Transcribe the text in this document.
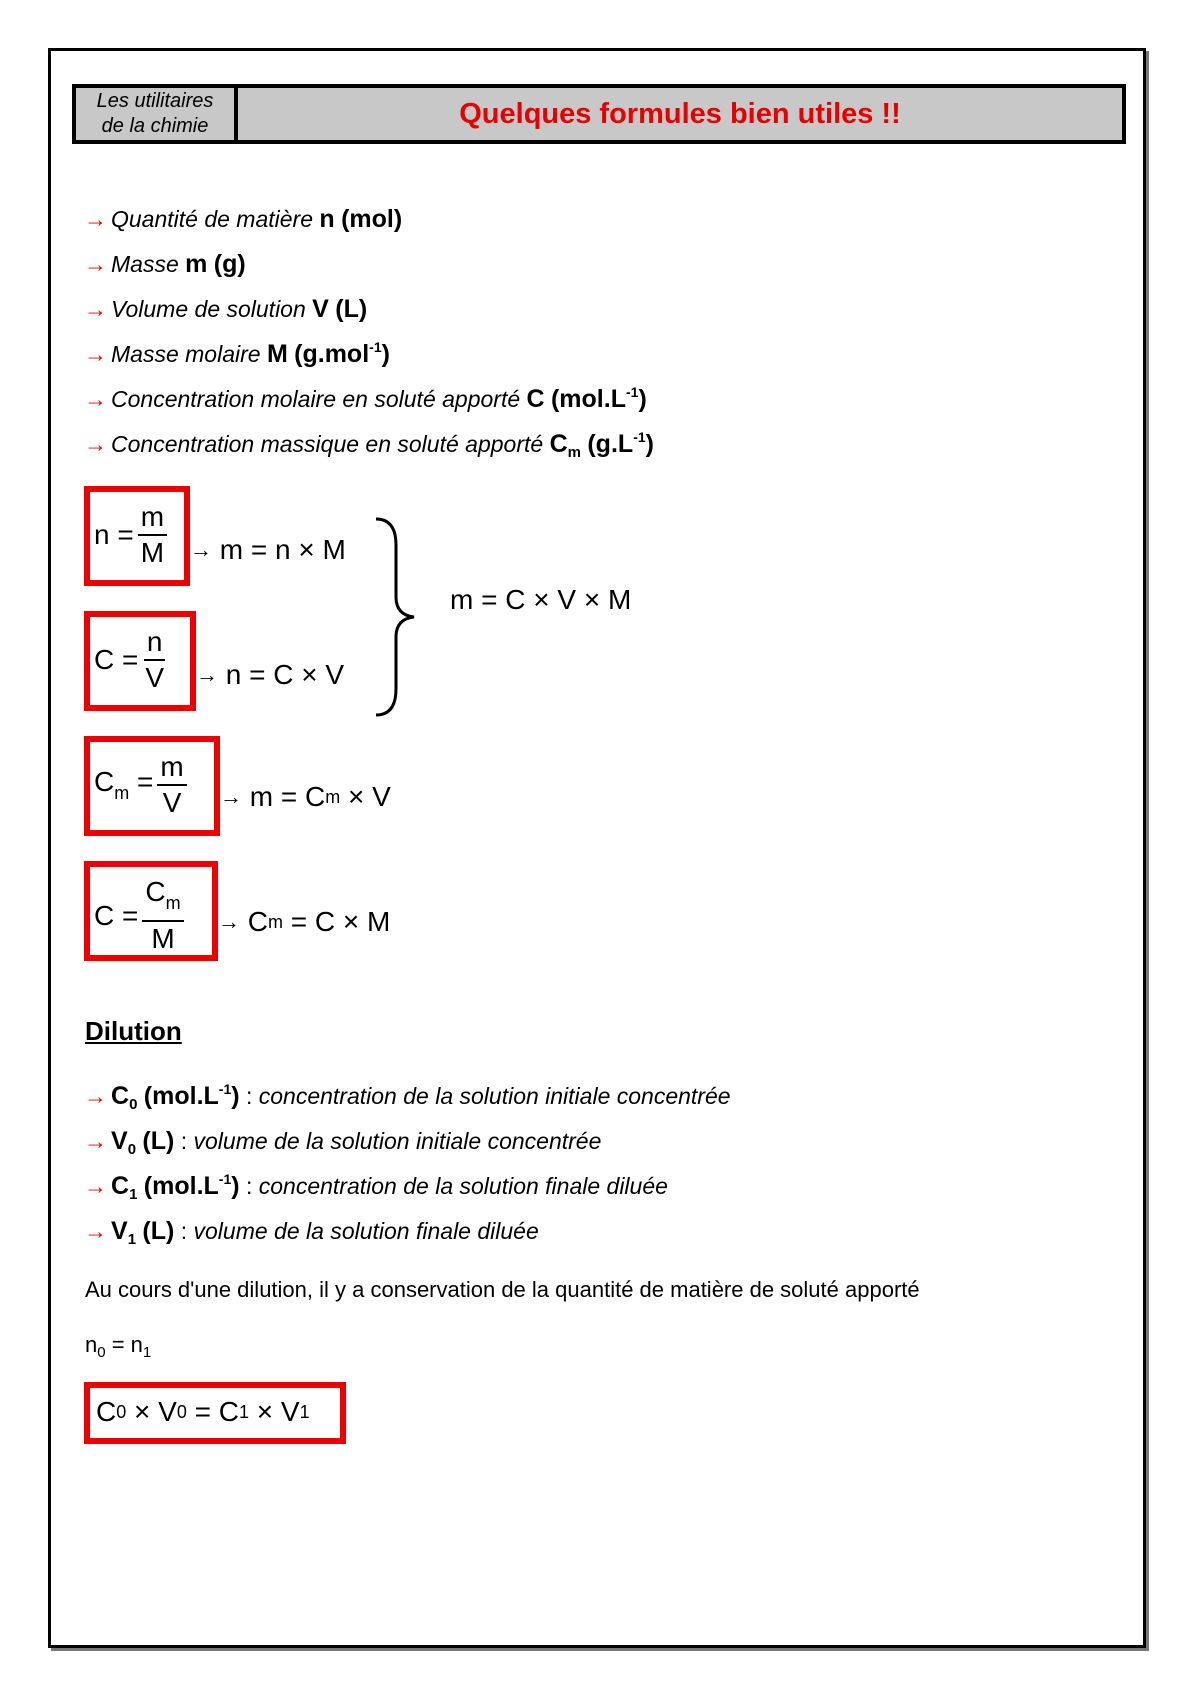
Les utilitaires
de la chimie	Quelques formules bien utiles !!
→ Quantité de matière n (mol)
→ Masse m (g)
→ Volume de solution V (L)
→ Masse molaire M (g.mol$^{-1}$)
→ Concentration molaire en soluté apporté C $(mol.L^{-1})$
→ Concentration massique en soluté apporté $C_m$ $(g.L^{-1})$
$n = \frac{m}{M}$ →
m = n × M
$C = \frac{n}{V}$ →
n = C × V
m = C × V × M
$C_m = \frac{m}{V}$ →
m = C m
× V
$C = \frac{C_m}{M} \to C$ m
= C × M
Dilution
→ $C_0$ $(mol.L^{-1})$ : concentration de la solution initiale concentrée
→ $V_0$ (L) : volume de la solution initiale concentrée
→ $C_1$ $(mol.L^{-1})$ : concentration de la solution finale diluée
→ $V_1$ (L) : volume de la solution finale diluée
Au cours d'une dilution, il y a conservation de la quantité de matière de soluté apporté
$n_0 = n_1$
C 0 × V 0 = C 1 × V 1
